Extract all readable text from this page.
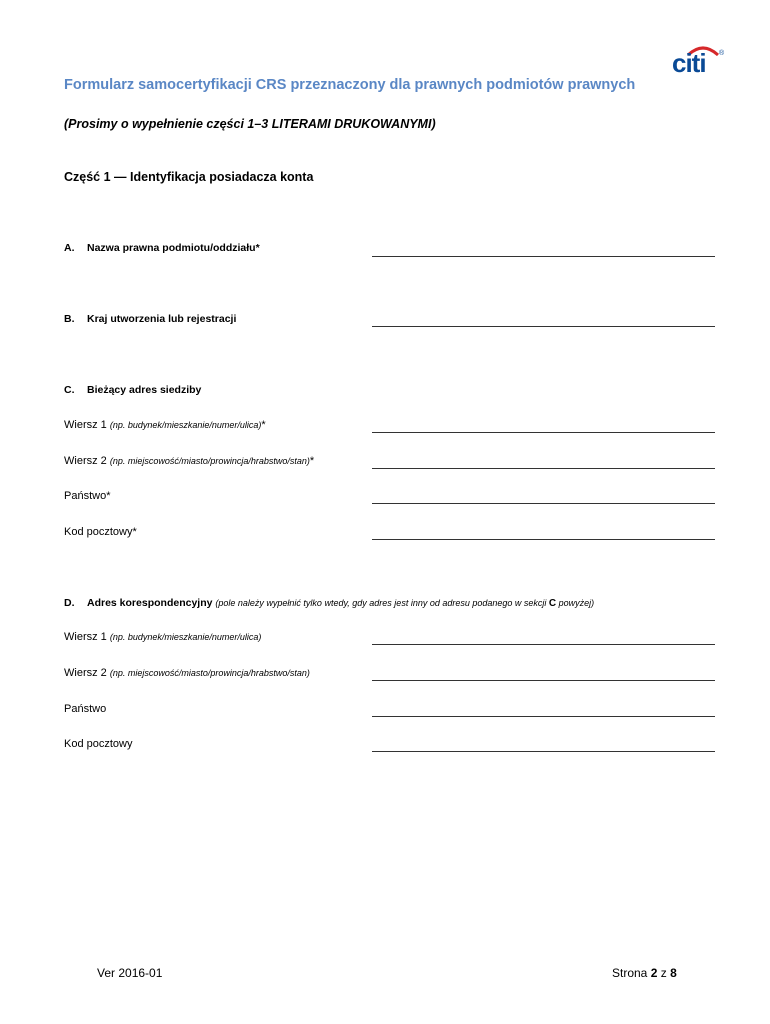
citi ®
Formularz samocertyfikacji CRS przeznaczony dla prawnych podmiotów prawnych
(Prosimy o wypełnienie części 1–3 LITERAMI DRUKOWANYMI)
Część 1 — Identyfikacja posiadacza konta
A. Nazwa prawna podmiotu/oddziału*
B. Kraj utworzenia lub rejestracji
C. Bieżący adres siedziby
Wiersz 1 (np. budynek/mieszkanie/numer/ulica)*
Wiersz 2 (np. miejscowość/miasto/prowincja/hrabstwo/stan)*
Państwo*
Kod pocztowy*
D. Adres korespondencyjny (pole należy wypełnić tylko wtedy, gdy adres jest inny od adresu podanego w sekcji C powyżej)
Wiersz 1 (np. budynek/mieszkanie/numer/ulica)
Wiersz 2 (np. miejscowość/miasto/prowincja/hrabstwo/stan)
Państwo
Kod pocztowy
Ver 2016-01	Strona 2 z 8
